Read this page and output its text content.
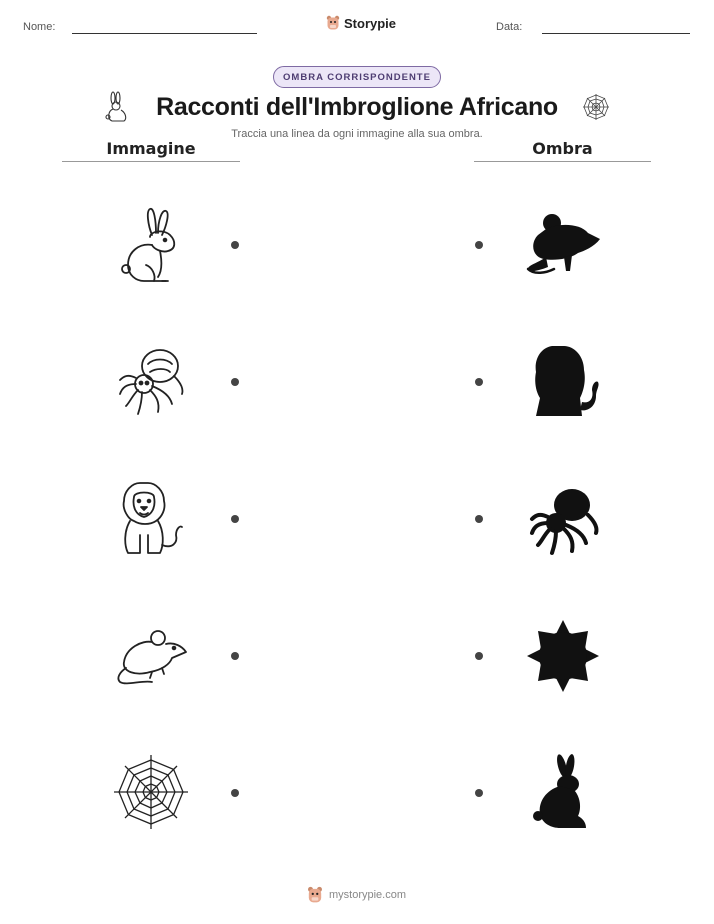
Nome:	Storypie	Data:
OMBRA CORRISPONDENTE
Racconti dell'Imbroglione Africano
Traccia una linea da ogni immagine alla sua ombra.
Immagine	Ombra
mystorypie.com
